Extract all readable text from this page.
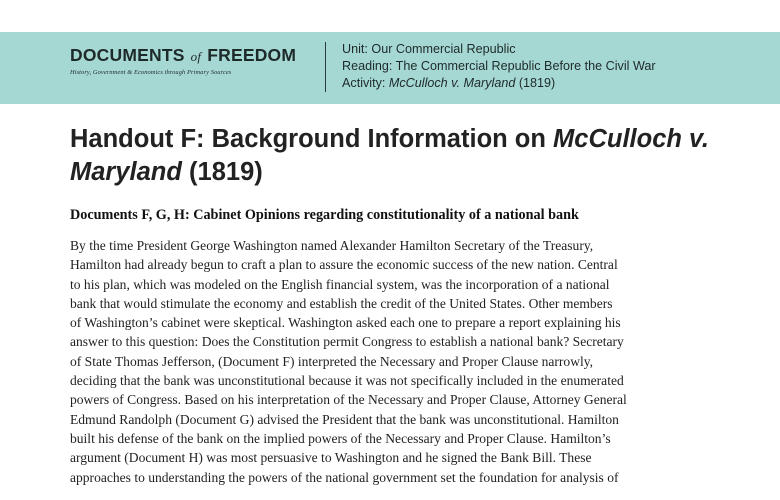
DOCUMENTS of FREEDOM
History, Government & Economics through Primary Sources
Unit: Our Commercial Republic
Reading: The Commercial Republic Before the Civil War
Activity: McCulloch v. Maryland (1819)
Handout F: Background Information on McCulloch v.
Maryland (1819)
Documents F, G, H: Cabinet Opinions regarding constitutionality of a national bank
By the time President George Washington named Alexander Hamilton Secretary of the Treasury,
Hamilton had already begun to craft a plan to assure the economic success of the new nation. Central
to his plan, which was modeled on the English financial system, was the incorporation of a national
bank that would stimulate the economy and establish the credit of the United States. Other members
of Washington’s cabinet were skeptical. Washington asked each one to prepare a report explaining his
answer to this question: Does the Constitution permit Congress to establish a national bank? Secretary
of State Thomas Jefferson, (Document F) interpreted the Necessary and Proper Clause narrowly,
deciding that the bank was unconstitutional because it was not specifically included in the enumerated
powers of Congress. Based on his interpretation of the Necessary and Proper Clause, Attorney General
Edmund Randolph (Document G) advised the President that the bank was unconstitutional. Hamilton
built his defense of the bank on the implied powers of the Necessary and Proper Clause. Hamilton’s
argument (Document H) was most persuasive to Washington and he signed the Bank Bill. These
approaches to understanding the powers of the national government set the foundation for analysis of
